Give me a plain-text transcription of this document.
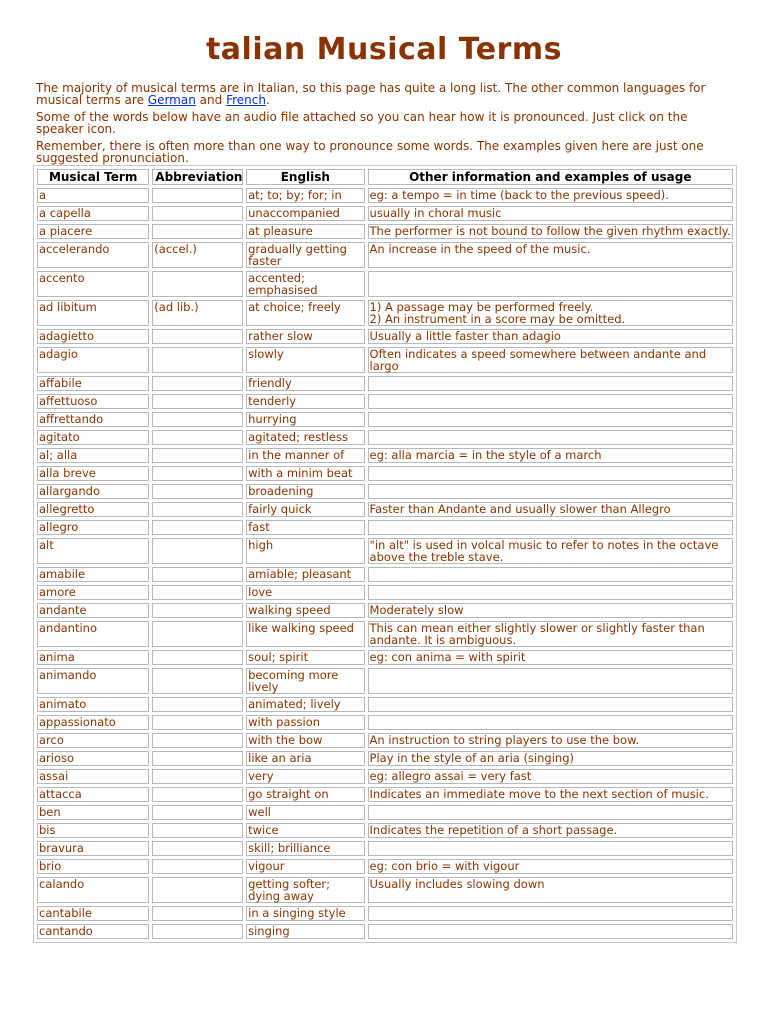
talian Musical Terms

The majority of musical terms are in Italian, so this page has quite a long list. The other common languages for musical terms are German and French.

Some of the words below have an audio file attached so you can hear how it is pronounced. Just click on the speaker icon.

Remember, there is often more than one way to pronounce some words. The examples given here are just one suggested pronunciation.

Musical Term	Abbreviation	English	Other information and examples of usage
a		at; to; by; for; in	eg: a tempo = in time (back to the previous speed).
a capella		unaccompanied	usually in choral music
a piacere		at pleasure	The performer is not bound to follow the given rhythm exactly.
accelerando	(accel.)	gradually getting faster	An increase in the speed of the music.
accento		accented; emphasised	
ad libitum	(ad lib.)	at choice; freely	1) A passage may be performed freely.
2) An instrument in a score may be omitted.
adagietto		rather slow	Usually a little faster than adagio
adagio		slowly	Often indicates a speed somewhere between andante and largo
affabile		friendly	
affettuoso		tenderly	
affrettando		hurrying	
agitato		agitated; restless	
al; alla		in the manner of	eg: alla marcia = in the style of a march
alla breve		with a minim beat	
allargando		broadening	
allegretto		fairly quick	Faster than Andante and usually slower than Allegro
allegro		fast	
alt		high	"in alt" is used in volcal music to refer to notes in the octave above the treble stave.
amabile		amiable; pleasant	
amore		love	
andante		walking speed	Moderately slow
andantino		like walking speed	This can mean either slightly slower or slightly faster than andante. It is ambiguous.
anima		soul; spirit	eg: con anima = with spirit
animando		becoming more lively	
animato		animated; lively	
appassionato		with passion	
arco		with the bow	An instruction to string players to use the bow.
arioso		like an aria	Play in the style of an aria (singing)
assai		very	eg: allegro assai = very fast
attacca		go straight on	Indicates an immediate move to the next section of music.
ben		well	
bis		twice	Indicates the repetition of a short passage.
bravura		skill; brilliance	
brio		vigour	eg: con brio = with vigour
calando		getting softer; dying away	Usually includes slowing down
cantabile		in a singing style	
cantando		singing	
